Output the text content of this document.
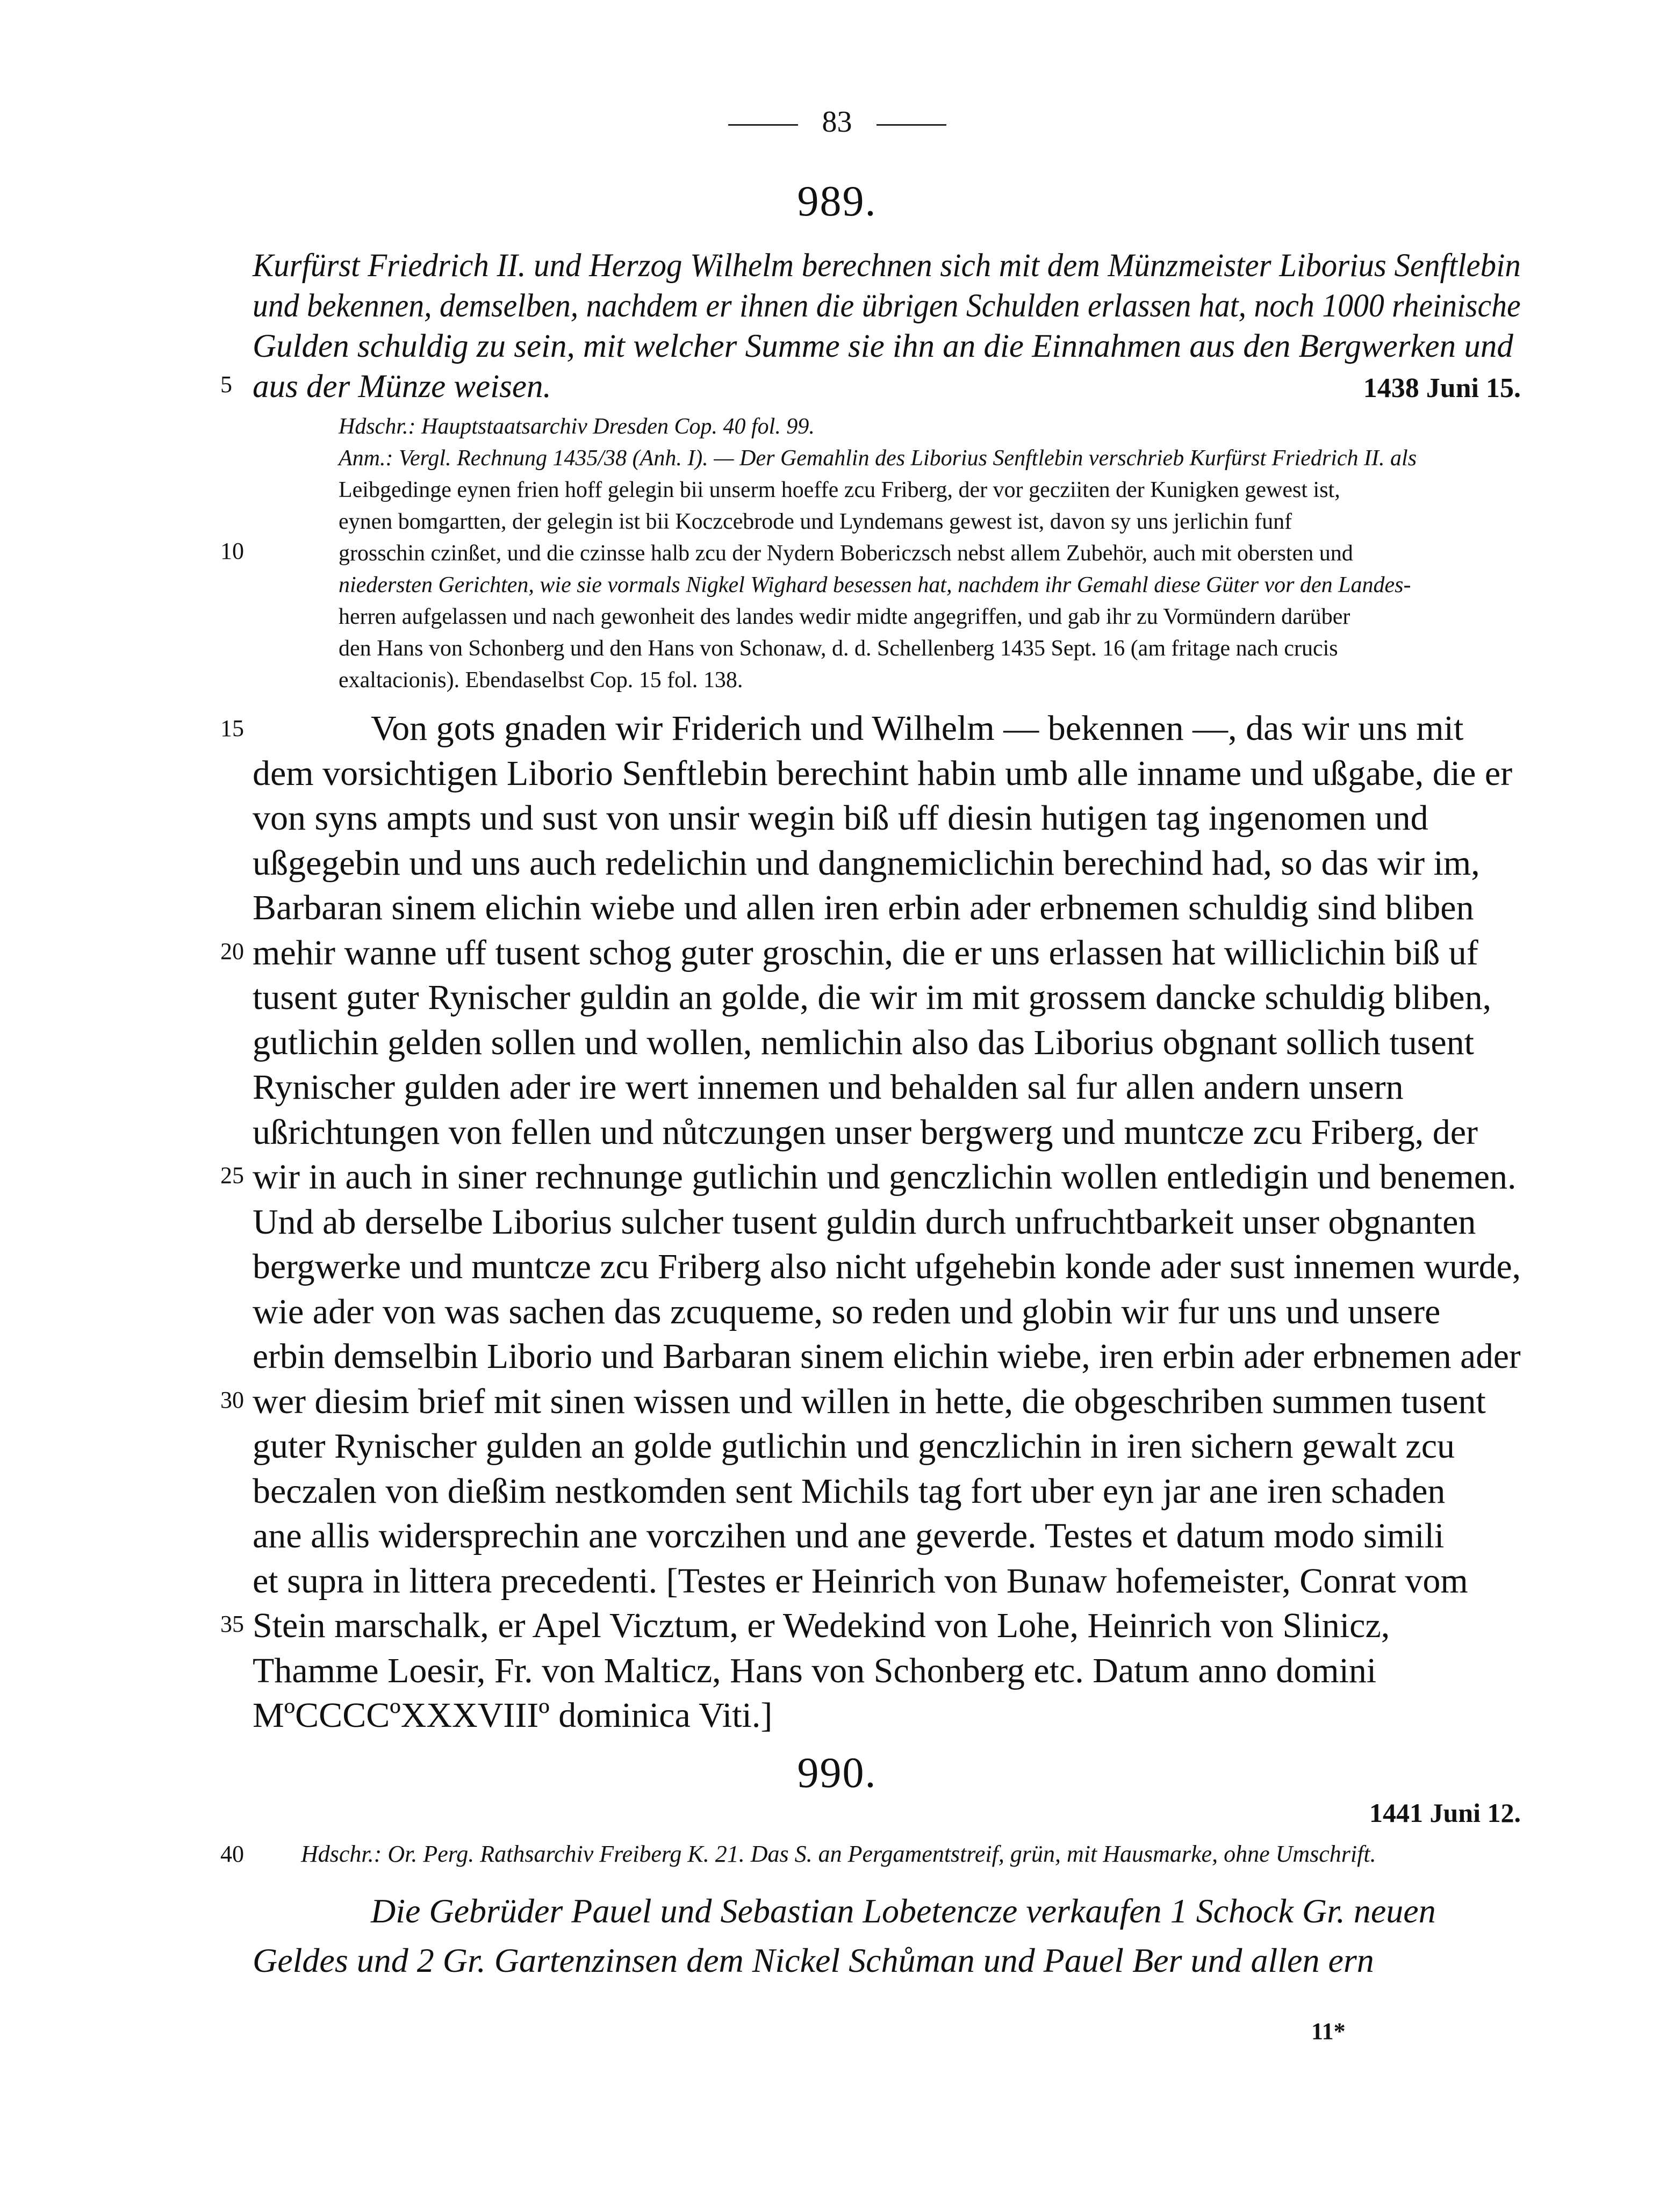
83
989.
Kurfürst Friedrich II. und Herzog Wilhelm berechnen sich mit dem Münzmeister Liborius Senftlebin
und bekennen, demselben, nachdem er ihnen die übrigen Schulden erlassen hat, noch 1000 rheinische
Gulden schuldig zu sein, mit welcher Summe sie ihn an die Einnahmen aus den Bergwerken und
aus der Münze weisen.	1438 Juni 15.
Hdschr.: Hauptstaatsarchiv Dresden Cop. 40 fol. 99.
Anm.: Vergl. Rechnung 1435/38 (Anh. I). — Der Gemahlin des Liborius Senftlebin verschrieb Kurfürst Friedrich II. als
Leibgedinge eynen frien hoff gelegin bii unserm hoeffe zcu Friberg, der vor gecziiten der Kunigken gewest ist,
eynen bomgartten, der gelegin ist bii Koczcebrode und Lyndemans gewest ist, davon sy uns jerlichin funf
grosschin czinßet, und die czinsse halb zcu der Nydern Bobericzsch nebst allem Zubehör, auch mit obersten und
niedersten Gerichten, wie sie vormals Nigkel Wighard besessen hat, nachdem ihr Gemahl diese Güter vor den Landes-
herren aufgelassen und nach gewonheit des landes wedir midte angegriffen, und gab ihr zu Vormündern darüber
den Hans von Schonberg und den Hans von Schonaw, d. d. Schellenberg 1435 Sept. 16 (am fritage nach crucis
exaltacionis). Ebendaselbst Cop. 15 fol. 138.
Von gots gnaden wir Friderich und Wilhelm — bekennen —, das wir uns mit
dem vorsichtigen Liborio Senftlebin berechint habin umb alle inname und ußgabe, die er
von syns ampts und sust von unsir wegin biß uff diesin hutigen tag ingenomen und
ußgegebin und uns auch redelichin und dangnemiclichin berechind had, so das wir im,
Barbaran sinem elichin wiebe und allen iren erbin ader erbnemen schuldig sind bliben
mehir wanne uff tusent schog guter groschin, die er uns erlassen hat williclichin biß uf
tusent guter Rynischer guldin an golde, die wir im mit grossem dancke schuldig bliben,
gutlichin gelden sollen und wollen, nemlichin also das Liborius obgnant sollich tusent
Rynischer gulden ader ire wert innemen und behalden sal fur allen andern unsern
ußrichtungen von fellen und nůtczungen unser bergwerg und muntcze zcu Friberg, der
wir in auch in siner rechnunge gutlichin und genczlichin wollen entledigin und benemen.
Und ab derselbe Liborius sulcher tusent guldin durch unfruchtbarkeit unser obgnanten
bergwerke und muntcze zcu Friberg also nicht ufgehebin konde ader sust innemen wurde,
wie ader von was sachen das zcuqueme, so reden und globin wir fur uns und unsere
erbin demselbin Liborio und Barbaran sinem elichin wiebe, iren erbin ader erbnemen ader
wer diesim brief mit sinen wissen und willen in hette, die obgeschriben summen tusent
guter Rynischer gulden an golde gutlichin und genczlichin in iren sichern gewalt zcu
beczalen von dießim nestkomden sent Michils tag fort uber eyn jar ane iren schaden
ane allis widersprechin ane vorczihen und ane geverde. Testes et datum modo simili
et supra in littera precedenti. [Testes er Heinrich von Bunaw hofemeister, Conrat vom
Stein marschalk, er Apel Vicztum, er Wedekind von Lohe, Heinrich von Slinicz,
Thamme Loesir, Fr. von Malticz, Hans von Schonberg etc. Datum anno domini
MºCCCCºXXXVIIIº dominica Viti.]
5
10
15
20
25
30
35
40
990.
1441 Juni 12.
Hdschr.: Or. Perg. Rathsarchiv Freiberg K. 21. Das S. an Pergamentstreif, grün, mit Hausmarke, ohne Umschrift.
Die Gebrüder Pauel und Sebastian Lobetencze verkaufen 1 Schock Gr. neuen
Geldes und 2 Gr. Gartenzinsen dem Nickel Schůman und Pauel Ber und allen ern
11*
